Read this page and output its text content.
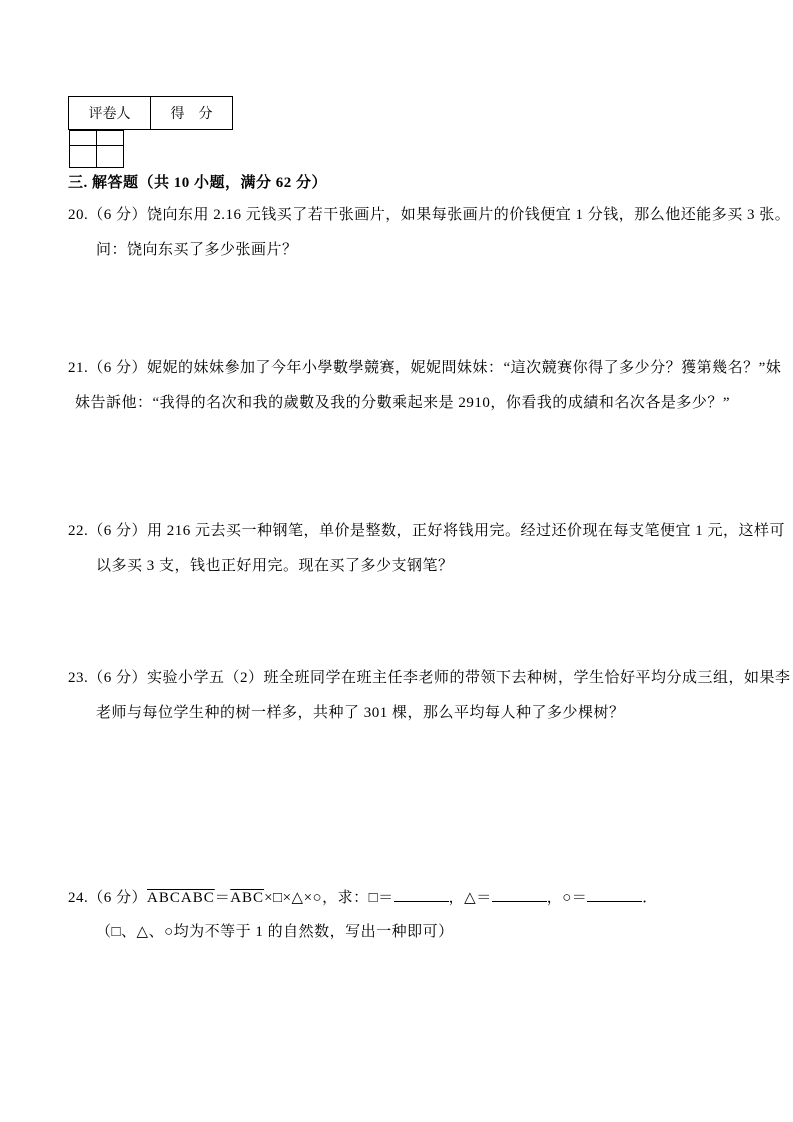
评卷人	得　分

三. 解答题（共 10 小题，满分 62 分）
20.（6 分）饶向东用 2.16 元钱买了若干张画片，如果每张画片的价钱便宜 1 分钱，那么他还能多买 3 张。
问：饶向东买了多少张画片？
21.（6 分）妮妮的妹妹參加了今年小學數學競赛，妮妮問妹妹：“這次競赛你得了多少分？獲第幾名？”妹
妹告訴他：“我得的名次和我的歲數及我的分數乘起来是 2910，你看我的成績和名次各是多少？”
22.（6 分）用 216 元去买一种钢笔，单价是整数，正好将钱用完。经过还价现在每支笔便宜 1 元，这样可
以多买 3 支，钱也正好用完。现在买了多少支钢笔？
23.（6 分）实验小学五（2）班全班同学在班主任李老师的带领下去种树，学生恰好平均分成三组，如果李
老师与每位学生种的树一样多，共种了 301 棵，那么平均每人种了多少棵树？
24.（6 分）$ABCABC=\overline{ABC}\times□\times\triangle\times○$，求：□＝	，△＝	，○＝	．
（□、△、○均为不等于 1 的自然数，写出一种即可）
